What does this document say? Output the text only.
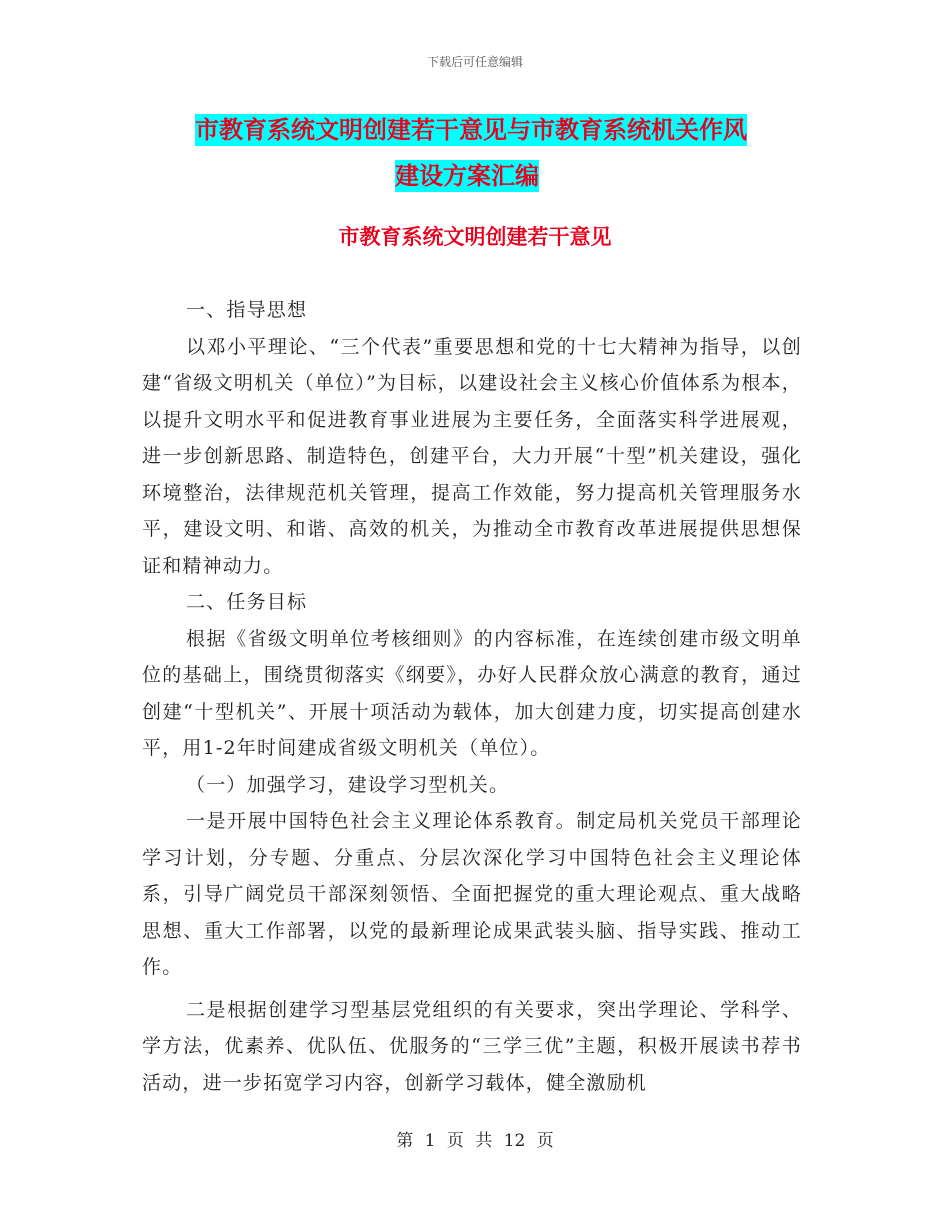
下载后可任意编辑
市教育系统文明创建若干意见与市教育系统机关作风
建设方案汇编
市教育系统文明创建若干意见

一、指导思想

以邓小平理论、“三个代表”重要思想和党的十七大精神为指导，以创建“省级文明机关（单位）”为目标，以建设社会主义核心价值体系为根本，以提升文明水平和促进教育事业进展为主要任务，全面落实科学进展观，进一步创新思路、制造特色，创建平台，大力开展“十型”机关建设，强化环境整治，法律规范机关管理，提高工作效能，努力提高机关管理服务水平，建设文明、和谐、高效的机关，为推动全市教育改革进展提供思想保证和精神动力。

二、任务目标

根据《省级文明单位考核细则》的内容标准，在连续创建市级文明单位的基础上，围绕贯彻落实《纲要》，办好人民群众放心满意的教育，通过创建“十型机关”、开展十项活动为载体，加大创建力度，切实提高创建水平，用1-2年时间建成省级文明机关（单位）。

（一）加强学习，建设学习型机关。

一是开展中国特色社会主义理论体系教育。制定局机关党员干部理论学习计划，分专题、分重点、分层次深化学习中国特色社会主义理论体系，引导广阔党员干部深刻领悟、全面把握党的重大理论观点、重大战略思想、重大工作部署，以党的最新理论成果武装头脑、指导实践、推动工作。

二是根据创建学习型基层党组织的有关要求，突出学理论、学科学、学方法，优素养、优队伍、优服务的“三学三优”主题，积极开展读书荐书活动，进一步拓宽学习内容，创新学习载体，健全激励机

第 1 页 共 12 页
